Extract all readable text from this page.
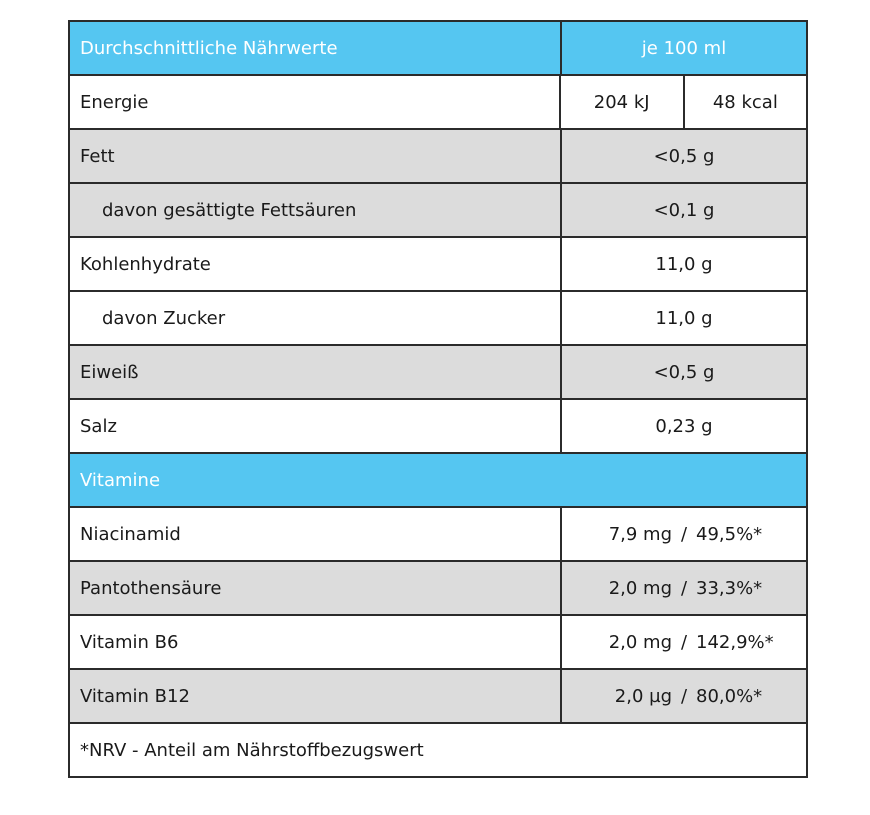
Durchschnittliche Nährwerte	je 100 ml
Energie	204 kJ	48 kcal
Fett	<0,5 g
davon gesättigte Fettsäuren	<0,1 g
Kohlenhydrate	11,0 g
davon Zucker	11,0 g
Eiweiß	<0,5 g
Salz	0,23 g
Vitamine
Niacinamid	7,9 mg / 49,5%*
Pantothensäure	2,0 mg / 33,3%*
Vitamin B6	2,0 mg / 142,9%*
Vitamin B12	2,0 µg / 80,0%*
*NRV - Anteil am Nährstoffbezugswert
